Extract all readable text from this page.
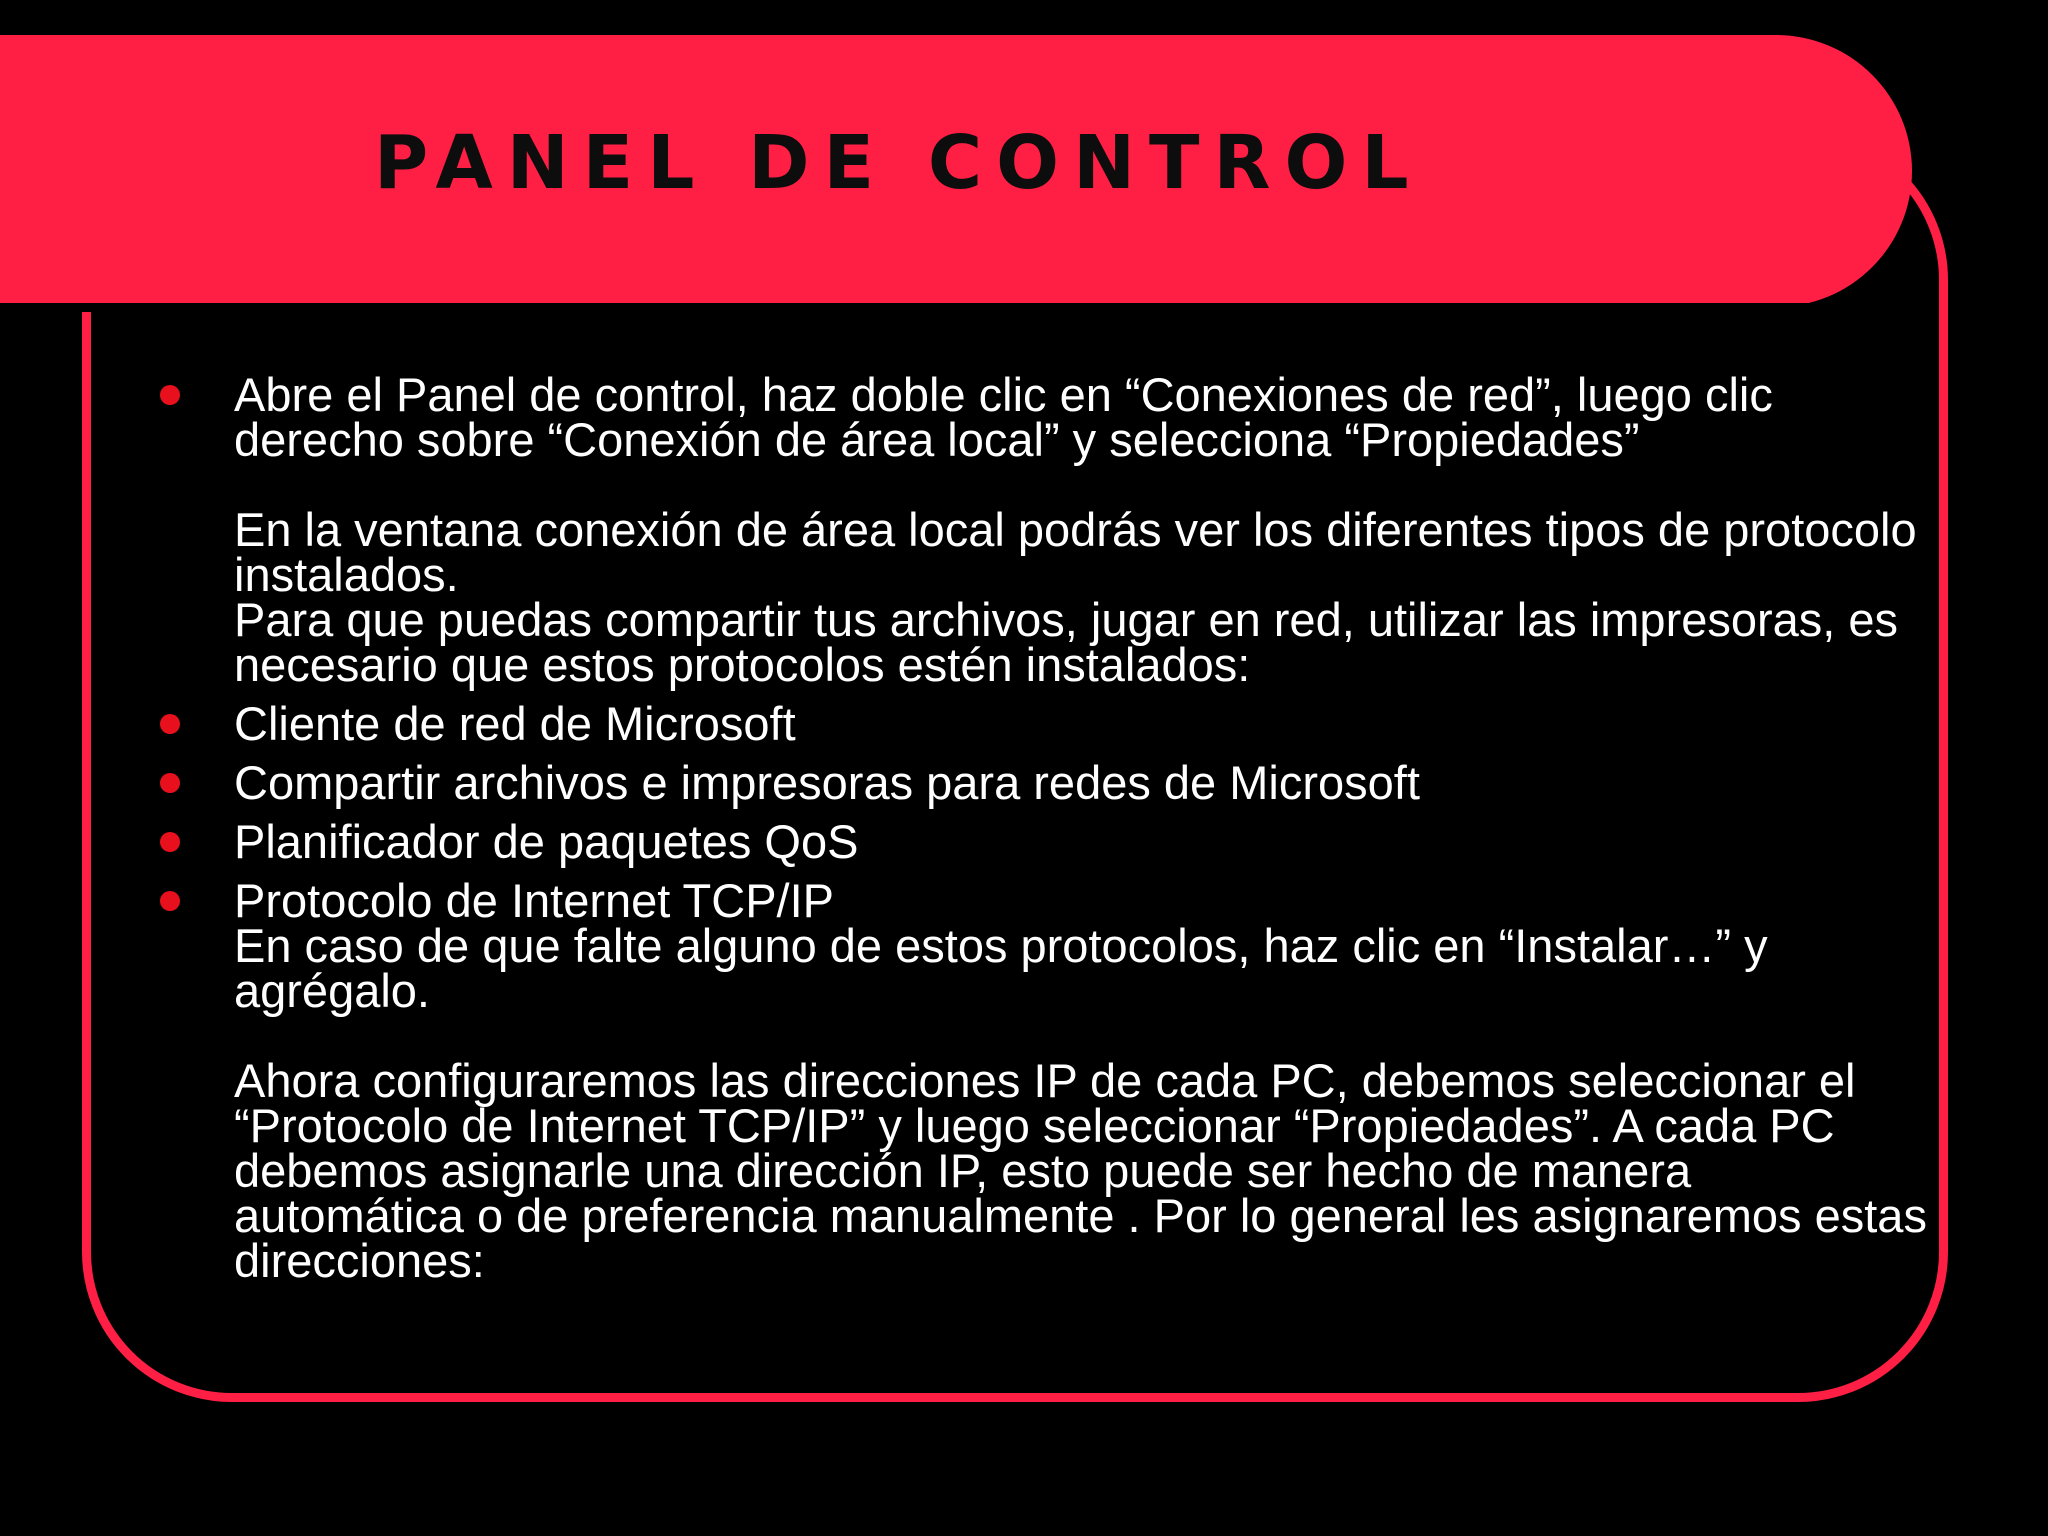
PANEL DE CONTROL

Abre el Panel de control, haz doble clic en “Conexiones de red”, luego clic derecho sobre “Conexión de área local” y selecciona “Propiedades”

En la ventana conexión de área local podrás ver los diferentes tipos de protocolo instalados.

Para que puedas compartir tus archivos, jugar en red, utilizar las impresoras, es necesario que estos protocolos estén instalados:

Cliente de red de Microsoft

Compartir archivos e impresoras para redes de Microsoft

Planificador de paquetes QoS

Protocolo de Internet TCP/IP

En caso de que falte alguno de estos protocolos, haz clic en “Instalar…” y agrégalo.

Ahora configuraremos las direcciones IP de cada PC, debemos seleccionar el “Protocolo de Internet TCP/IP” y luego seleccionar “Propiedades”. A cada PC debemos asignarle una dirección IP, esto puede ser hecho de manera automática o de preferencia manualmente . Por lo general les asignaremos estas direcciones:
